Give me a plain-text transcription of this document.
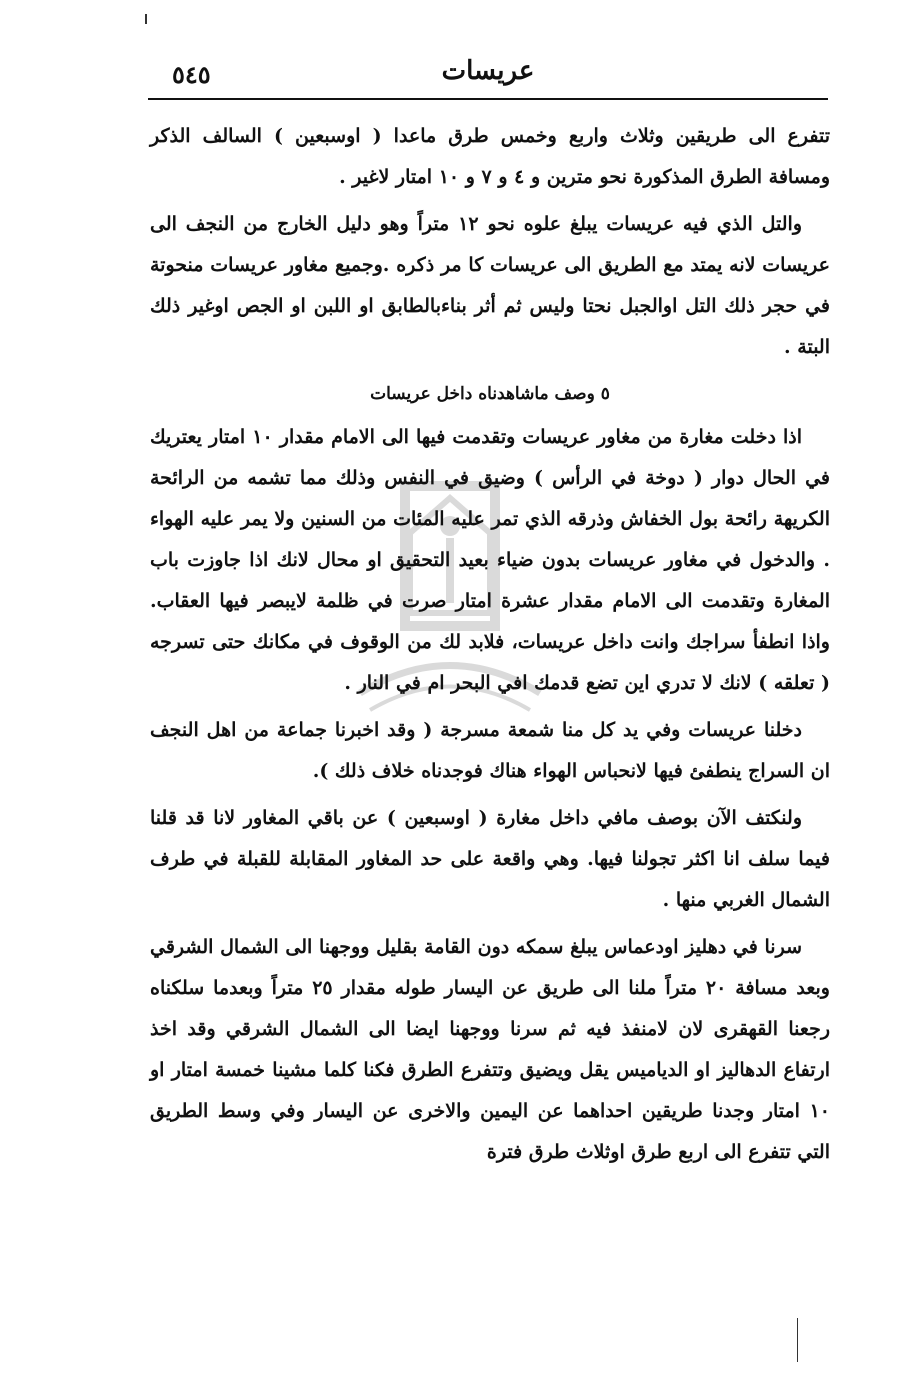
٥٤٥	عريسات

تتفرع الى طريقين وثلاث واربع وخمس طرق ماعدا ( اوسبعين ) السالف الذكر ومسافة الطرق المذكورة نحو مترين و ٤ و ٧ و ١٠ امتار لاغير .

والتل الذي فيه عريسات يبلغ علوه نحو ١٢ متراً وهو دليل الخارج من النجف الى عريسات لانه يمتد مع الطريق الى عريسات كا مر ذكره .وجميع مغاور عريسات منحوتة في حجر ذلك التل اوالجبل نحتا وليس ثم أثر بناءبالطابق او اللبن او الجص اوغير ذلك البتة .

٥ وصف ماشاهدناه داخل عريسات

اذا دخلت مغارة من مغاور عريسات وتقدمت فيها الى الامام مقدار ١٠ امتار يعتريك في الحال دوار ( دوخة في الرأس ) وضيق في النفس وذلك مما تشمه من الرائحة الكريهة رائحة بول الخفاش وذرقه الذي تمر عليه المئات من السنين ولا يمر عليه الهواء . والدخول في مغاور عريسات بدون ضياء بعيد التحقيق او محال لانك اذا جاوزت باب المغارة وتقدمت الى الامام مقدار عشرة امتار صرت في ظلمة لايبصر فيها العقاب. واذا انطفأ سراجك وانت داخل عريسات، فلابد لك من الوقوف في مكانك حتى تسرجه ( تعلقه ) لانك لا تدري اين تضع قدمك افي البحر ام في النار .

دخلنا عريسات وفي يد كل منا شمعة مسرجة ( وقد اخبرنا جماعة من اهل النجف ان السراج ينطفئ فيها لانحباس الهواء هناك فوجدناه خلاف ذلك ).

ولنكتف الآن بوصف مافي داخل مغارة ( اوسبعين ) عن باقي المغاور لانا قد قلنا فيما سلف انا اكثر تجولنا فيها. وهي واقعة على حد المغاور المقابلة للقبلة في طرف الشمال الغربي منها .

سرنا في دهليز اودعماس يبلغ سمكه دون القامة بقليل ووجهنا الى الشمال الشرقي وبعد مسافة ٢٠ متراً ملنا الى طريق عن اليسار طوله مقدار ٢٥ متراً وبعدما سلكناه رجعنا القهقرى لان لامنفذ فيه ثم سرنا ووجهنا ايضا الى الشمال الشرقي وقد اخذ ارتفاع الدهاليز او الدياميس يقل ويضيق وتتفرع الطرق فكنا كلما مشينا خمسة امتار او ١٠ امتار وجدنا طريقين احداهما عن اليمين والاخرى عن اليسار وفي وسط الطريق التي تتفرع الى اربع طرق اوثلاث طرق فترة
